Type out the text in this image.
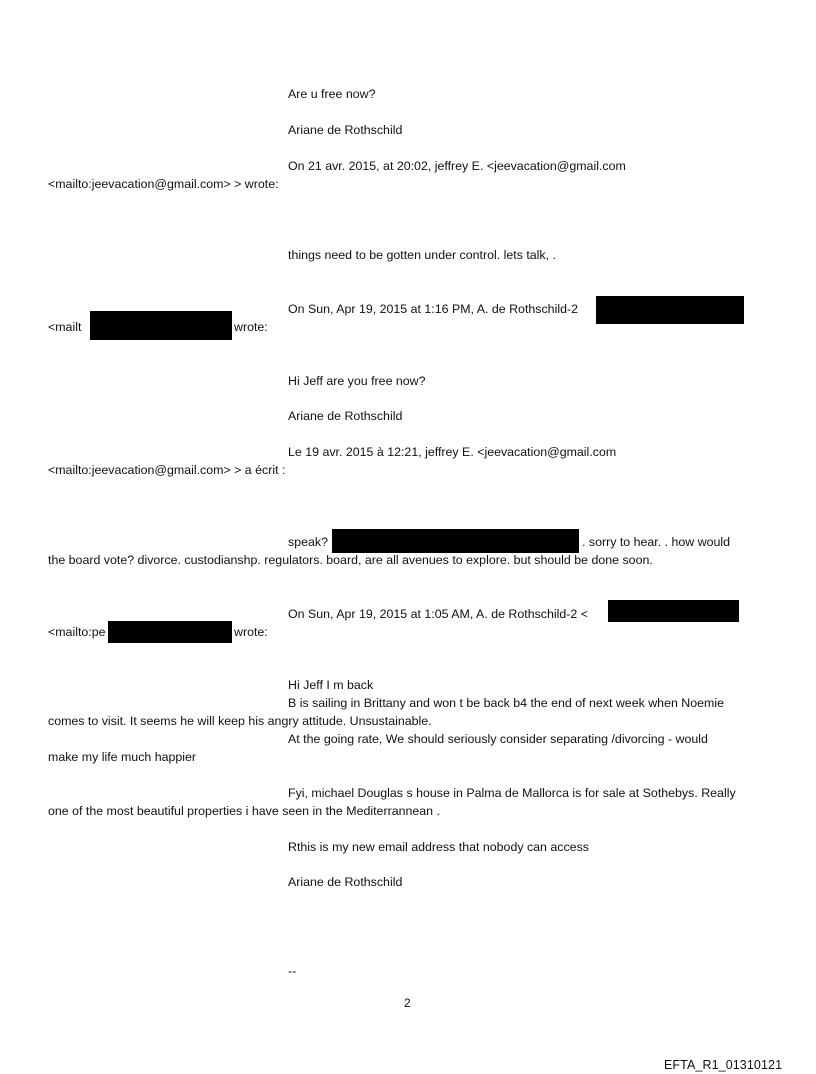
Are u free now?
Ariane de Rothschild
On 21 avr. 2015, at 20:02, jeffrey E. <jeevacation@gmail.com
<mailto:jeevacation@gmail.com> > wrote:
things need to be gotten under control. lets talk, .
On Sun, Apr 19, 2015 at 1:16 PM, A. de Rothschild-2
<mailt	wrote:
Hi Jeff are you free now?
Ariane de Rothschild
Le 19 avr. 2015 à 12:21, jeffrey E. <jeevacation@gmail.com
<mailto:jeevacation@gmail.com> > a écrit :
speak?	. sorry to hear. . how would
the board vote? divorce. custodianshp. regulators. board, are all avenues to explore. but should be done soon.
On Sun, Apr 19, 2015 at 1:05 AM, A. de Rothschild-2 <
<mailto:pe	wrote:
Hi Jeff I m back
B is sailing in Brittany and won t be back b4 the end of next week when Noemie
comes to visit. It seems he will keep his angry attitude. Unsustainable.
At the going rate, We should seriously consider separating /divorcing - would
make my life much happier
Fyi, michael Douglas s house in Palma de Mallorca is for sale at Sothebys. Really
one of the most beautiful properties i have seen in the Mediterrannean .
Rthis is my new email address that nobody can access
Ariane de Rothschild
--
2
EFTA_R1_01310121
